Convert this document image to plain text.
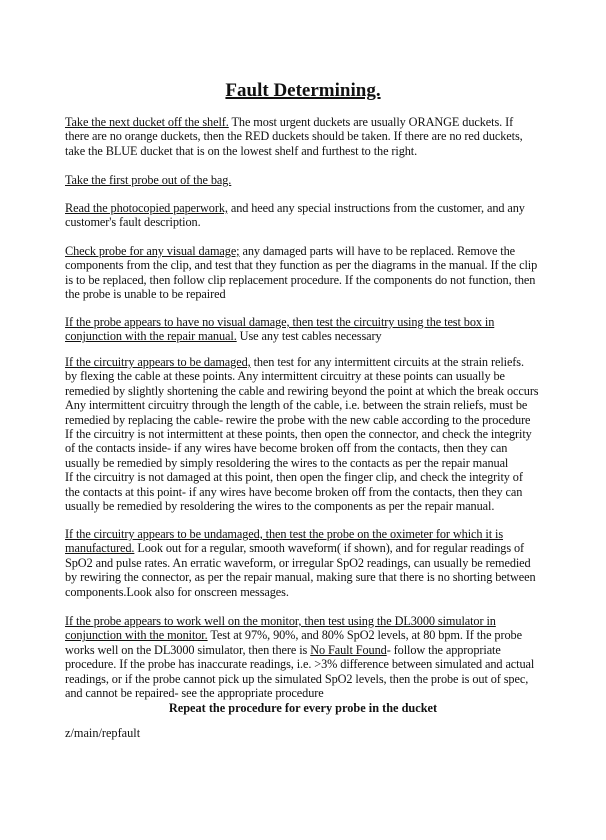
Fault Determining.
Take the next ducket off the shelf. The most urgent duckets are usually ORANGE duckets. If
there are no orange duckets, then the RED duckets should be taken. If there are no red duckets,
take the BLUE ducket that is on the lowest shelf and furthest to the right.
Take the first probe out of the bag.
Read the photocopied paperwork, and heed any special instructions from the customer, and any
customer's fault description.
Check probe for any visual damage; any damaged parts will have to be replaced. Remove the
components from the clip, and test that they function as per the diagrams in the manual. If the clip
is to be replaced, then follow clip replacement procedure. If the components do not function, then
the probe is unable to be repaired
If the probe appears to have no visual damage, then test the circuitry using the test box in
conjunction with the repair manual. Use any test cables necessary
If the circuitry appears to be damaged, then test for any intermittent circuits at the strain reliefs.
by flexing the cable at these points. Any intermittent circuitry at these points can usually be
remedied by slightly shortening the cable and rewiring beyond the point at which the break occurs
Any intermittent circuitry through the length of the cable, i.e. between the strain reliefs, must be
remedied by replacing the cable- rewire the probe with the new cable according to the procedure
If the circuitry is not intermittent at these points, then open the connector, and check the integrity
of the contacts inside- if any wires have become broken off from the contacts, then they can
usually be remedied by simply resoldering the wires to the contacts as per the repair manual
If the circuitry is not damaged at this point, then open the finger clip, and check the integrity of
the contacts at this point- if any wires have become broken off from the contacts, then they can
usually be remedied by resoldering the wires to the components as per the repair manual.
If the circuitry appears to be undamaged, then test the probe on the oximeter for which it is
manufactured. Look out for a regular, smooth waveform( if shown), and for regular readings of
SpO2 and pulse rates. An erratic waveform, or irregular SpO2 readings, can usually be remedied
by rewiring the connector, as per the repair manual, making sure that there is no shorting between
components.Look also for onscreen messages.
If the probe appears to work well on the monitor, then test using the DL3000 simulator in
conjunction with the monitor. Test at 97%, 90%, and 80% SpO2 levels, at 80 bpm. If the probe
works well on the DL3000 simulator, then there is No Fault Found- follow the appropriate
procedure. If the probe has inaccurate readings, i.e. >3% difference between simulated and actual
readings, or if the probe cannot pick up the simulated SpO2 levels, then the probe is out of spec,
and cannot be repaired- see the appropriate procedure
Repeat the procedure for every probe in the ducket
z/main/repfault
